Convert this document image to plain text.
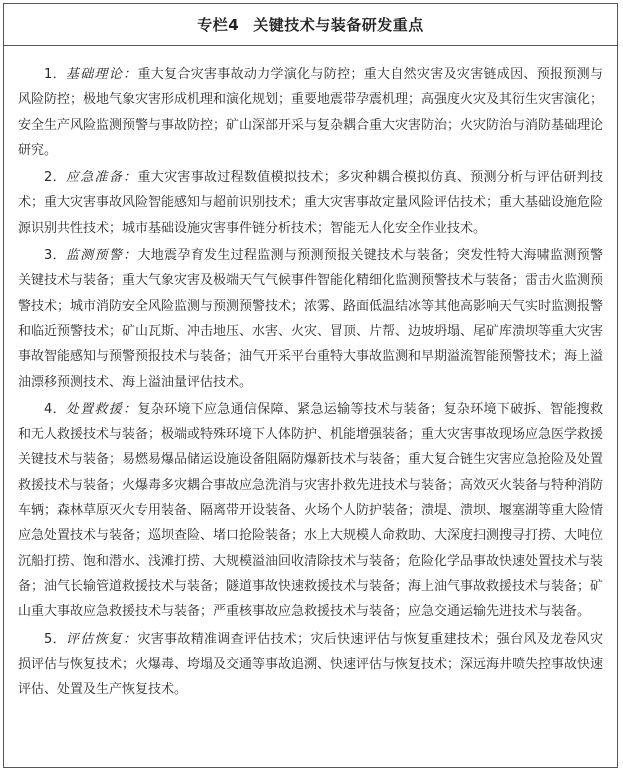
专栏4 关键技术与装备研发重点

1．基础理论：重大复合灾害事故动力学演化与防控；重大自然灾害及灾害链成因、预报预测与风险防控；极地气象灾害形成机理和演化规划；重要地震带孕震机理；高强度火灾及其衍生灾害演化；安全生产风险监测预警与事故防控；矿山深部开采与复杂耦合重大灾害防治；火灾防治与消防基础理论研究。

2．应急准备：重大灾害事故过程数值模拟技术；多灾种耦合模拟仿真、预测分析与评估研判技术；重大灾害事故风险智能感知与超前识别技术；重大灾害事故定量风险评估技术；重大基础设施危险源识别共性技术；城市基础设施灾害事件链分析技术；智能无人化安全作业技术。

3．监测预警：大地震孕育发生过程监测与预测预报关键技术与装备；突发性特大海啸监测预警关键技术与装备；重大气象灾害及极端天气气候事件智能化精细化监测预警技术与装备；雷击火监测预警技术；城市消防安全风险监测与预测预警技术；浓雾、路面低温结冰等其他高影响天气实时监测报警和临近预警技术；矿山瓦斯、冲击地压、水害、火灾、冒顶、片帮、边坡坍塌、尾矿库溃坝等重大灾害事故智能感知与预警预报技术与装备；油气开采平台重特大事故监测和早期溢流智能预警技术；海上溢油漂移预测技术、海上溢油量评估技术。

4．处置救援：复杂环境下应急通信保障、紧急运输等技术与装备；复杂环境下破拆、智能搜救和无人救援技术与装备；极端或特殊环境下人体防护、机能增强装备；重大灾害事故现场应急医学救援关键技术与装备；易燃易爆品储运设施设备阻隔防爆新技术与装备；重大复合链生灾害应急抢险及处置救援技术与装备；火爆毒多灾耦合事故应急洗消与灾害扑救先进技术与装备；高效灭火装备与特种消防车辆；森林草原灭火专用装备、隔离带开设装备、火场个人防护装备；溃堤、溃坝、堰塞湖等重大险情应急处置技术与装备；巡坝查险、堵口抢险装备；水上大规模人命救助、大深度扫测搜寻打捞、大吨位沉船打捞、饱和潜水、浅滩打捞、大规模溢油回收清除技术与装备；危险化学品事故快速处置技术与装备；油气长输管道救援技术与装备；隧道事故快速救援技术与装备；海上油气事故救援技术与装备；矿山重大事故应急救援技术与装备；严重核事故应急救援技术与装备；应急交通运输先进技术与装备。

5．评估恢复：灾害事故精准调查评估技术；灾后快速评估与恢复重建技术；强台风及龙卷风灾损评估与恢复技术；火爆毒、垮塌及交通等事故追溯、快速评估与恢复技术；深远海井喷失控事故快速评估、处置及生产恢复技术。
